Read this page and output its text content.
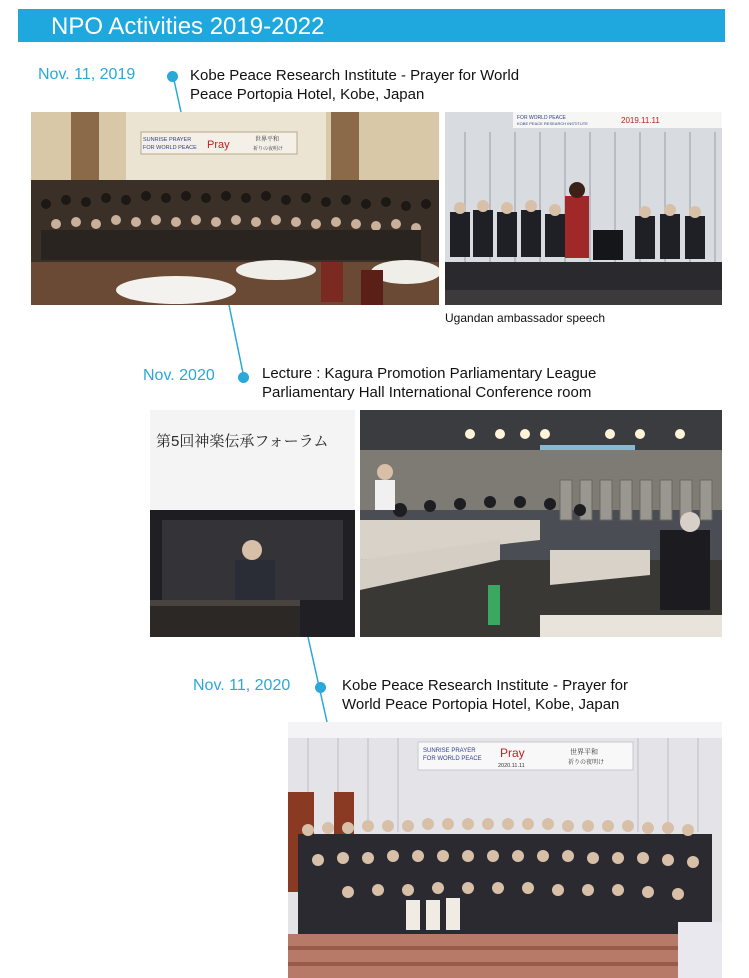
NPO Activities 2019-2022
Nov. 11, 2019	Kobe Peace Research Institute - Prayer for World
Peace Portopia Hotel, Kobe, Japan
SUNRISE PRAYER
FOR WORLD PEACE Pray	世界平和
祈りの夜明け
FOR WORLD PEACE
KOBE PEACE RESEARCH INSTITUTE	2019.11.11
Ugandan ambassador speech
Nov. 2020	Lecture : Kagura Promotion Parliamentary League
Parliamentary Hall International Conference room
第5回神楽伝承フォーラム
Nov. 11, 2020	Kobe Peace Research Institute - Prayer for
World Peace Portopia Hotel, Kobe, Japan
SUNRISE PRAYER
FOR WORLD PEACE Pray
2020.11.11
世界平和
祈りの夜明け
